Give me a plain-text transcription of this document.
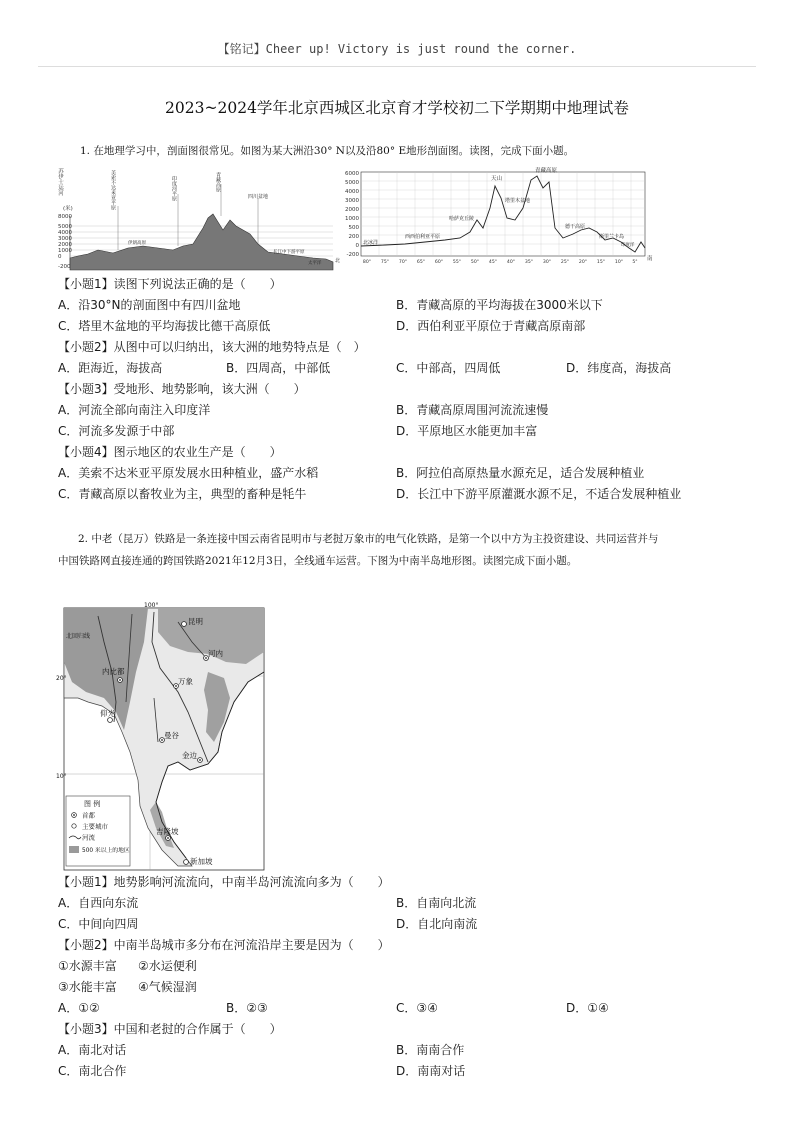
【铭记】Cheer up! Victory is just round the corner.
2023~2024学年北京西城区北京育才学校初二下学期期中地理试卷
1. 在地理学习中，剖面图很常见。如图为某大洲沿30° N以及沿80° E地形剖面图。读图，完成下面小题。
苏伊士运河
(米)
8000
5000
4000
3000
2000
1000
0
-200
美索不达米亚平原	印度河平原	青藏高原
四川盆地
长江中下游平原
伊朗高原
太平洋	北
6000
5000
4000
3000
2000
1000
500
200
0
-200
青藏高原
天山
塔里木盆地
哈萨克丘陵
西西伯利亚平原
北冰洋
德干高原
斯里兰卡岛
印度洋
南
80° 75° 70° 65° 60° 55° 50° 45° 40° 35° 30° 25° 20° 15° 10° 5°
【小题1】读图下列说法正确的是（　　）
A．沿30°N的剖面图中有四川盆地	B．青藏高原的平均海拔在3000米以下
C．塔里木盆地的平均海拔比德干高原低	D．西伯利亚平原位于青藏高原南部
【小题2】从图中可以归纳出，该大洲的地势特点是（　）
A．距海近，海拔高	B．四周高，中部低	C．中部高，四周低	D．纬度高，海拔高
【小题3】受地形、地势影响，该大洲（　　）
A．河流全部向南注入印度洋	B．青藏高原周围河流流速慢
C．河流多发源于中部	D．平原地区水能更加丰富
【小题4】图示地区的农业生产是（　　）
A．美索不达米亚平原发展水田种植业，盛产水稻	B．阿拉伯高原热量水源充足，适合发展种植业
C．青藏高原以畜牧业为主，典型的畜种是牦牛	D．长江中下游平原灌溉水源不足，不适合发展种植业
2. 中老（昆万）铁路是一条连接中国云南省昆明市与老挝万象市的电气化铁路，是第一个以中方为主投资建设、共同运营并与
中国铁路网直接连通的跨国铁路2021年12月3日，全线通车运营。下图为中南半岛地形图。读图完成下面小题。
100°
昆明
北回归线
河内
内比都
万象
20°
曼谷
金边
10°
仰光
吉隆坡
新加坡
图 例
首都
主要城市
河流
500 米以上的地区
【小题1】地势影响河流流向，中南半岛河流流向多为（　　）
A．自西向东流	B．自南向北流
C．中间向四周	D．自北向南流
【小题2】中南半岛城市多分布在河流沿岸主要是因为（　　）
①水源丰富 ②水运便利
③水能丰富 ④气候湿润
A．①②	B．②③	C．③④	D．①④
【小题3】中国和老挝的合作属于（　　）
A．南北对话	B．南南合作
C．南北合作	D．南南对话
